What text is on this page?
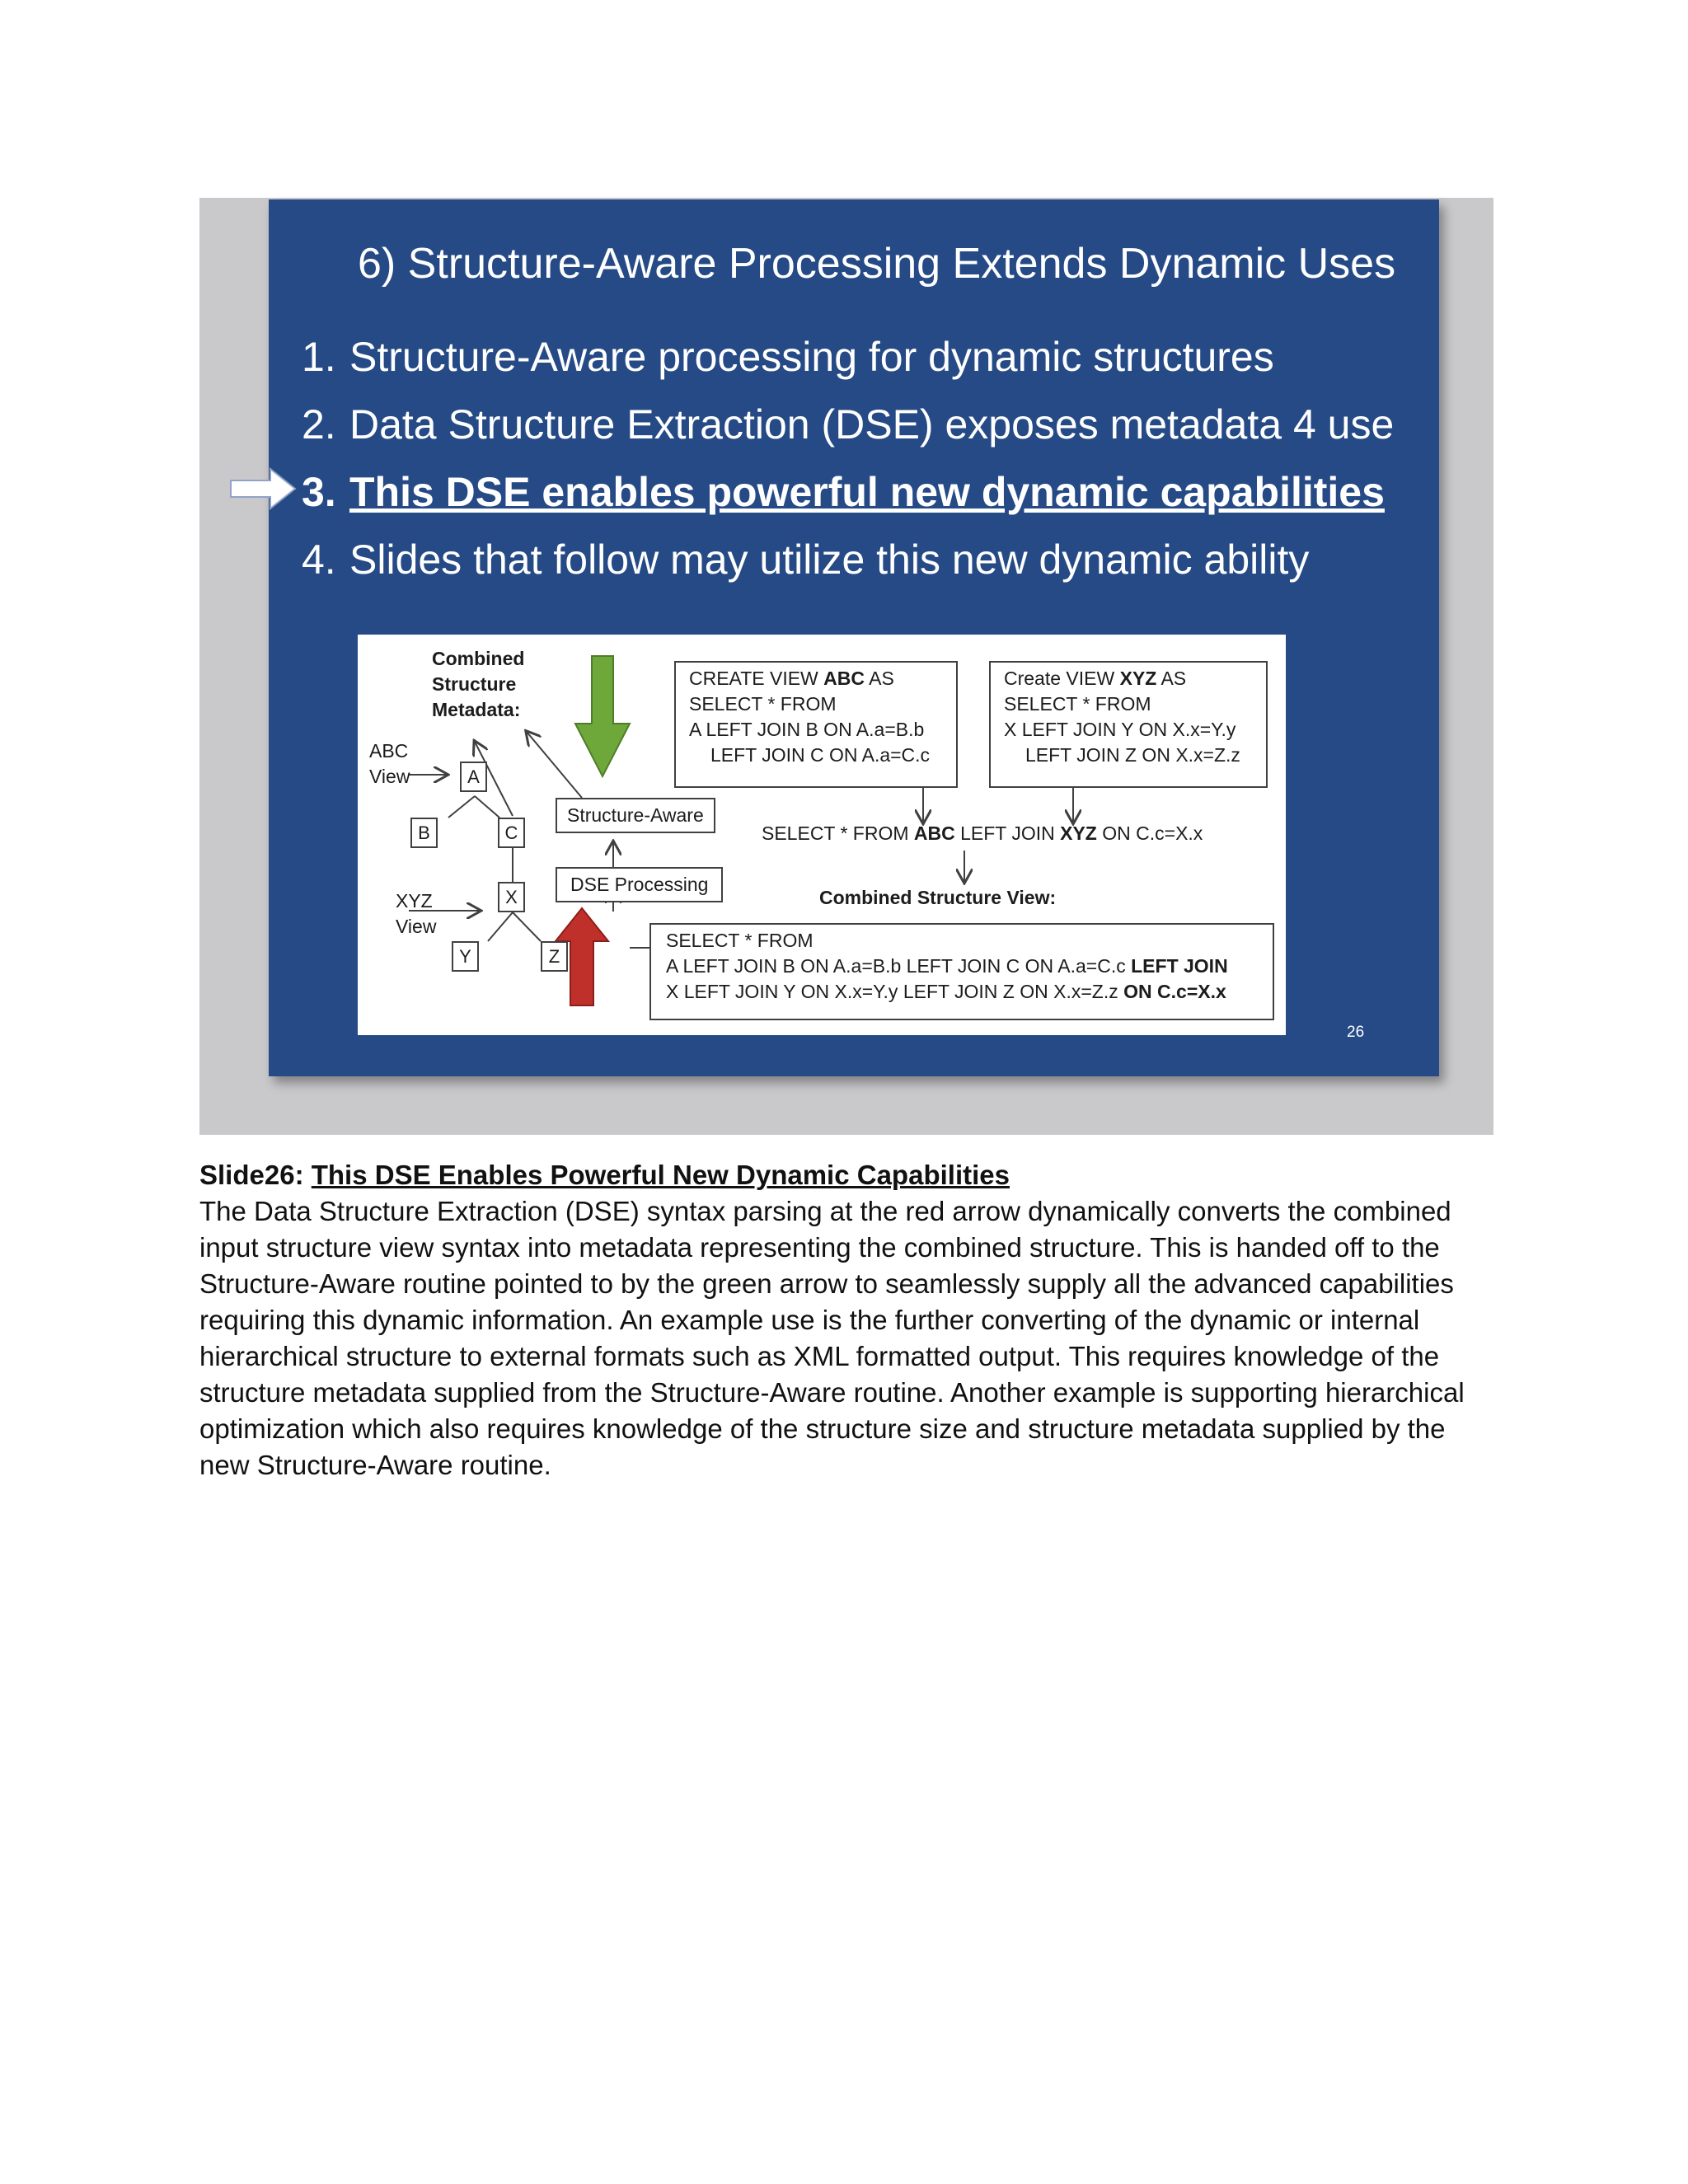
6) Structure-Aware Processing Extends Dynamic Uses
1. Structure-Aware processing for dynamic structures
2. Data Structure Extraction (DSE) exposes metadata 4 use
3. This DSE enables powerful new dynamic capabilities
4. Slides that follow may utilize this new dynamic ability
Combined
Structure
Metadata:
ABC
View
XYZ
View
A
B	C
X
Y	Z
Structure-Aware
DSE Processing
CREATE VIEW ABC AS
SELECT * FROM
A LEFT JOIN B ON A.a=B.b
LEFT JOIN C ON A.a=C.c
Create VIEW XYZ AS
SELECT * FROM
X LEFT JOIN Y ON X.x=Y.y
LEFT JOIN Z ON X.x=Z.z
SELECT * FROM ABC LEFT JOIN XYZ ON C.c=X.x
Combined Structure View:
SELECT * FROM
A LEFT JOIN B ON A.a=B.b LEFT JOIN C ON A.a=C.c LEFT JOIN
X LEFT JOIN Y ON X.x=Y.y LEFT JOIN Z ON X.x=Z.z ON C.c=X.x
26
Slide26: This DSE Enables Powerful New Dynamic Capabilities
The Data Structure Extraction (DSE) syntax parsing at the red arrow dynamically converts the combined input structure view syntax into metadata representing the combined structure. This is handed off to the Structure-Aware routine pointed to by the green arrow to seamlessly supply all the advanced capabilities requiring this dynamic information. An example use is the further converting of the dynamic or internal hierarchical structure to external formats such as XML formatted output. This requires knowledge of the structure metadata supplied from the Structure-Aware routine. Another example is supporting hierarchical optimization which also requires knowledge of the structure size and structure metadata supplied by the new Structure-Aware routine.
